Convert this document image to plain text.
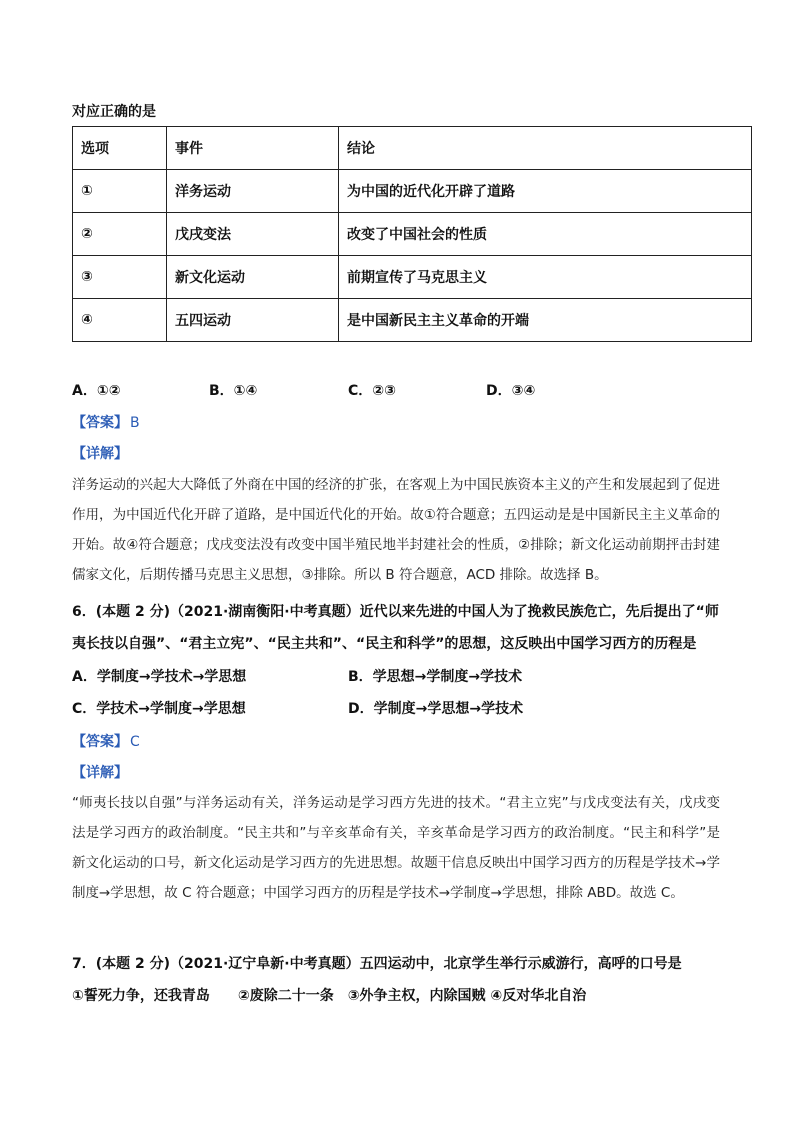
对应正确的是
选项	事件	结论
①	洋务运动	为中国的近代化开辟了道路
②	戊戌变法	改变了中国社会的性质
③	新文化运动	前期宣传了马克思主义
④	五四运动	是中国新民主主义革命的开端
A．①②	B．①④	C．②③	D．③④
【答案】 B
【详解】
洋务运动的兴起大大降低了外商在中国的经济的扩张，在客观上为中国民族资本主义的产生和发展起到了促进作用，为中国近代化开辟了道路，是中国近代化的开始。故①符合题意；五四运动是是中国新民主主义革命的开始。故④符合题意；戊戌变法没有改变中国半殖民地半封建社会的性质，②排除；新文化运动前期抨击封建儒家文化，后期传播马克思主义思想，③排除。所以 B 符合题意，ACD 排除。故选择 B。
6．(本题 2 分)（2021·湖南衡阳·中考真题）近代以来先进的中国人为了挽救民族危亡，先后提出了“师夷长技以自强”、“君主立宪”、“民主共和”、“民主和科学”的思想，这反映出中国学习西方的历程是
A．学制度→学技术→学思想	B．学思想→学制度→学技术
C．学技术→学制度→学思想	D．学制度→学思想→学技术
【答案】 C
【详解】
“师夷长技以自强”与洋务运动有关，洋务运动是学习西方先进的技术。“君主立宪”与戊戌变法有关，戊戌变法是学习西方的政治制度。“民主共和”与辛亥革命有关，辛亥革命是学习西方的政治制度。“民主和科学”是新文化运动的口号，新文化运动是学习西方的先进思想。故题干信息反映出中国学习西方的历程是学技术→学制度→学思想，故 C 符合题意；中国学习西方的历程是学技术→学制度→学思想，排除 ABD。故选 C。
7．(本题 2 分)（2021·辽宁阜新·中考真题）五四运动中，北京学生举行示威游行，高呼的口号是
①誓死力争，还我青岛　　②废除二十一条　③外争主权，内除国贼 ④反对华北自治
